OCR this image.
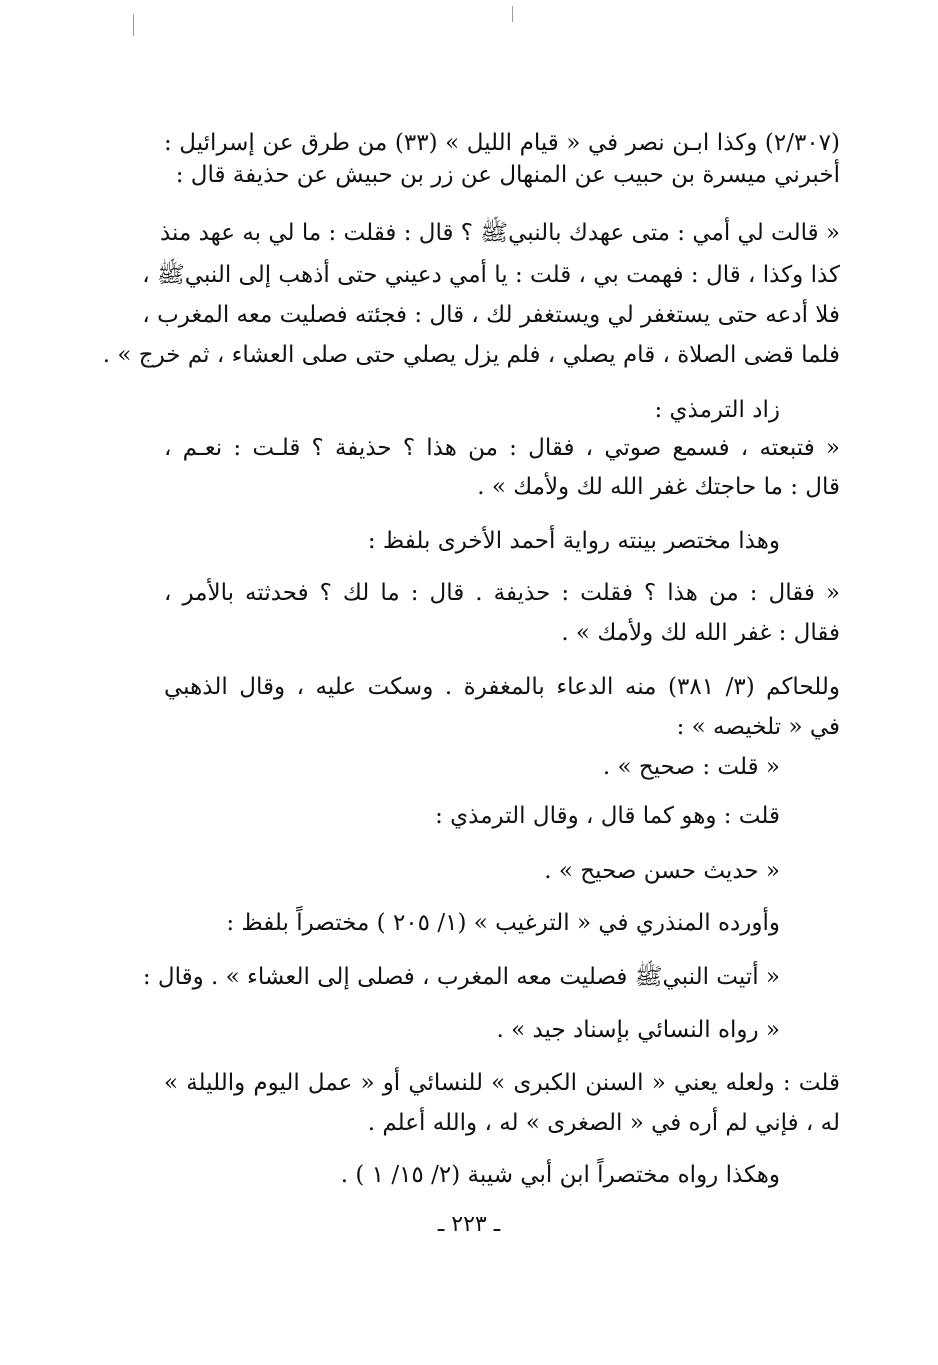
(٢/٣٠٧) وكذا ابـن نصر في « قيام الليل » (٣٣) من طرق عن إسرائيل :
أخبرني ميسرة بن حبيب عن المنهال عن زر بن حبيش عن حذيفة قال :
« قالت لي أمي : متى عهدك بالنبيﷺ ؟ قال : فقلت : ما لي به عهد منذ
كذا وكذا ، قال : فهمت بي ، قلت : يا أمي دعيني حتى أذهب إلى النبيﷺ ،
فلا أدعه حتى يستغفر لي ويستغفر لك ، قال : فجئته فصليت معه المغرب ،
فلما قضى الصلاة ، قام يصلي ، فلم يزل يصلي حتى صلى العشاء ، ثم خرج » .
زاد الترمذي :
« فتبعته ، فسمع صوتي ، فقال : من هذا ؟ حذيفة ؟ قلـت : نعـم ،
قال : ما حاجتك غفر الله لك ولأمك » .
وهذا مختصر بينته رواية أحمد الأخرى بلفظ :
« فقال : من هذا ؟ فقلت : حذيفة . قال : ما لك ؟ فحدثته بالأمر ،
فقال : غفر الله لك ولأمك » .
وللحاكم (٣/ ٣٨١) منه الدعاء بالمغفرة . وسكت عليه ، وقال الذهبي
في « تلخيصه » :
« قلت : صحيح » .
قلت : وهو كما قال ، وقال الترمذي :
« حديث حسن صحيح » .
وأورده المنذري في « الترغيب » (١/ ٢٠٥ ) مختصراً بلفظ :
« أتيت النبيﷺ فصليت معه المغرب ، فصلى إلى العشاء » . وقال :
« رواه النسائي بإسناد جيد » .
قلت : ولعله يعني « السنن الكبرى » للنسائي أو « عمل اليوم والليلة »
له ، فإني لم أره في « الصغرى » له ، والله أعلم .
وهكذا رواه مختصراً ابن أبي شيبة (٢/ ١٥/ ١ ) .
ـ ٢٢٣ ـ
